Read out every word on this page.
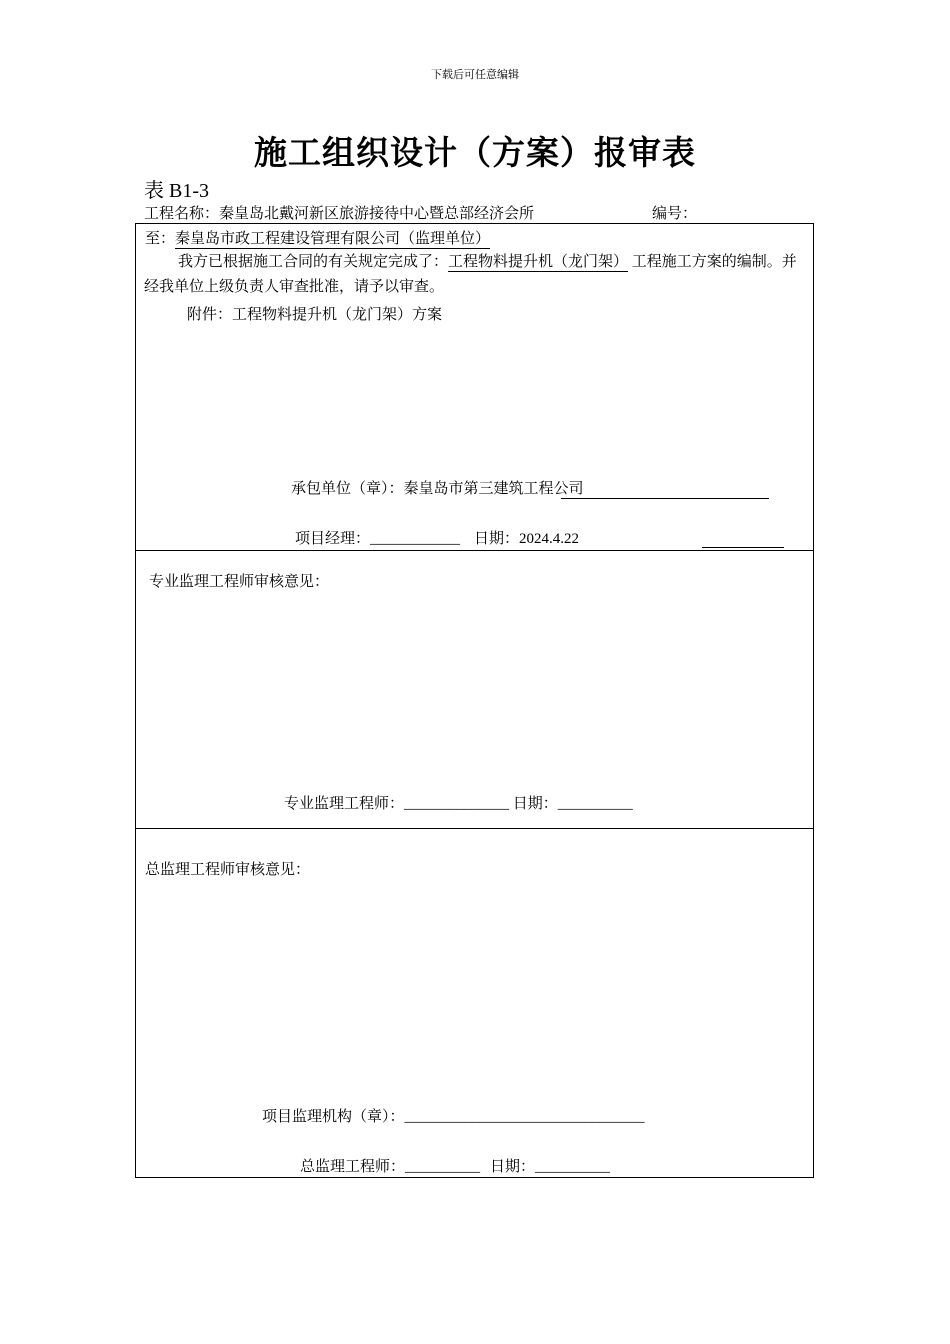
下载后可任意编辑
施工组织设计（方案）报审表
表 B1-3
工程名称：秦皇岛北戴河新区旅游接待中心暨总部经济会所	编号：
至：秦皇岛市政工程建设管理有限公司（监理单位）
我方已根据施工合同的有关规定完成了：工程物料提升机（龙门架） 工程施工方案的编制。并经我单位上级负责人审查批准，请予以审查。
附件：工程物料提升机（龙门架）方案
承包单位（章）：秦皇岛市第三建筑工程公司
项目经理：____________ 日期：2024.4.22
专业监理工程师审核意见：
专业监理工程师：______________ 日期：__________
总监理工程师审核意见：
项目监理机构（章）：________________________________
总监理工程师：__________ 日期：__________
